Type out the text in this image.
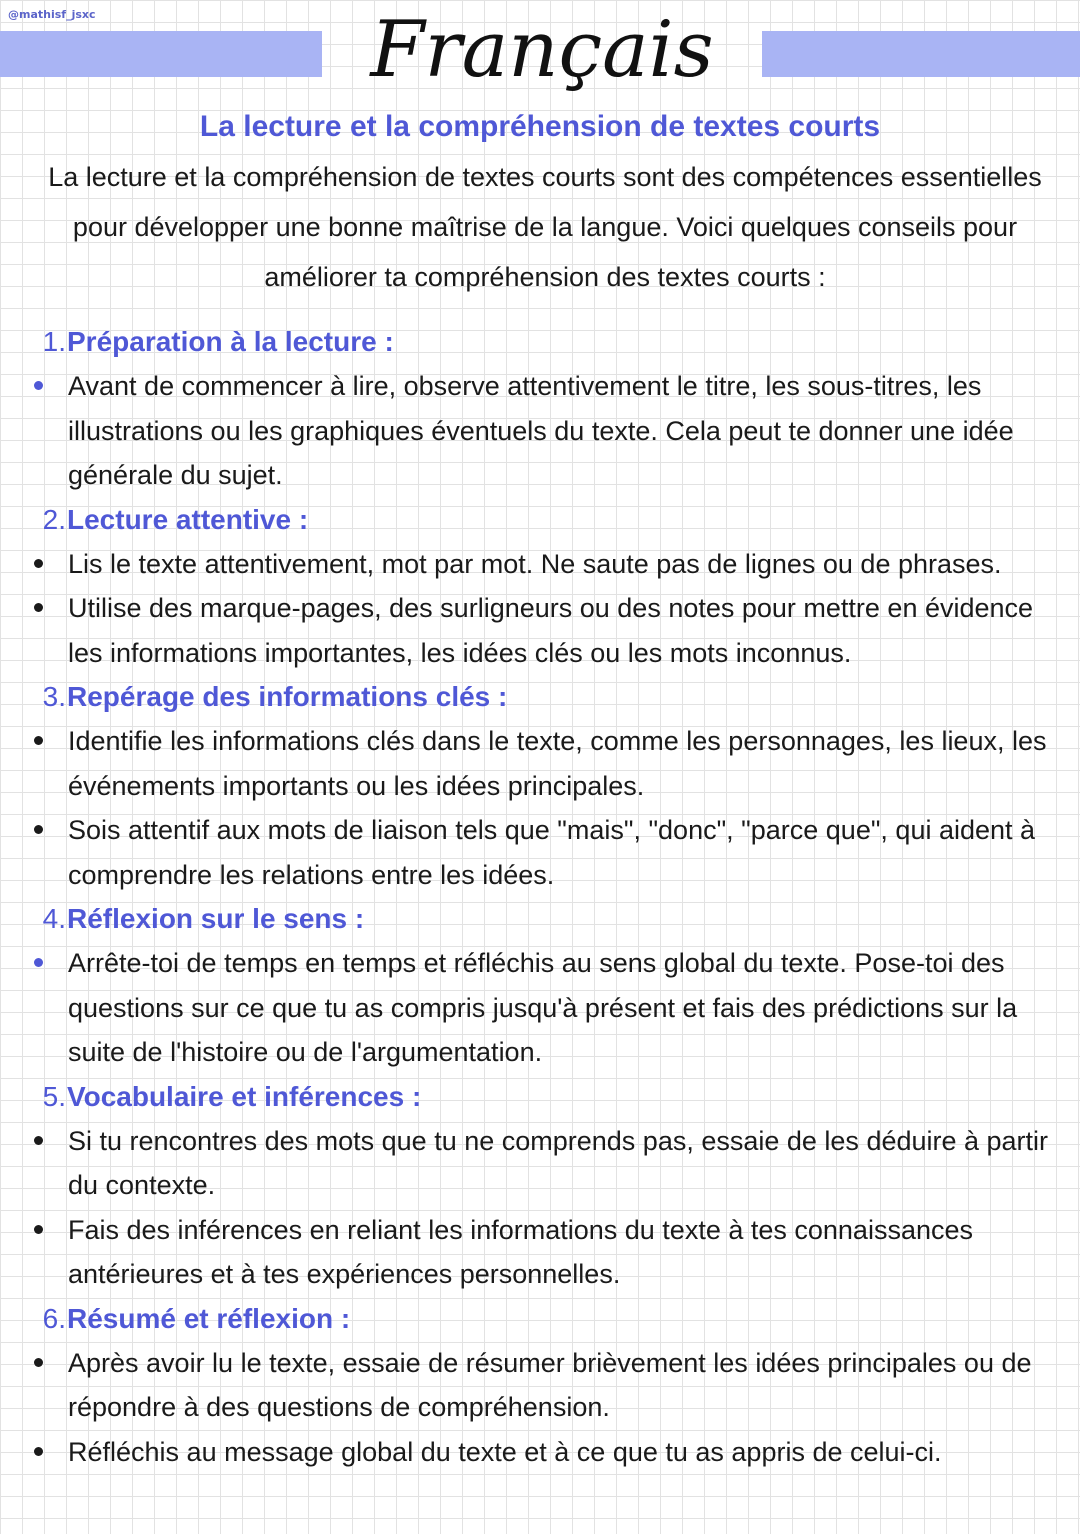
@mathisf_jsxc	Français
La lecture et la compréhension de textes courts

La lecture et la compréhension de textes courts sont des compétences essentielles pour développer une bonne maîtrise de la langue. Voici quelques conseils pour améliorer ta compréhension des textes courts :

1. Préparation à la lecture :
Avant de commencer à lire, observe attentivement le titre, les sous-titres, les illustrations ou les graphiques éventuels du texte. Cela peut te donner une idée générale du sujet.
2. Lecture attentive :
Lis le texte attentivement, mot par mot. Ne saute pas de lignes ou de phrases.
Utilise des marque-pages, des surligneurs ou des notes pour mettre en évidence les informations importantes, les idées clés ou les mots inconnus.
3. Repérage des informations clés :
Identifie les informations clés dans le texte, comme les personnages, les lieux, les événements importants ou les idées principales.
Sois attentif aux mots de liaison tels que "mais", "donc", "parce que", qui aident à comprendre les relations entre les idées.
4. Réflexion sur le sens :
Arrête-toi de temps en temps et réfléchis au sens global du texte. Pose-toi des questions sur ce que tu as compris jusqu'à présent et fais des prédictions sur la suite de l'histoire ou de l'argumentation.
5. Vocabulaire et inférences :
Si tu rencontres des mots que tu ne comprends pas, essaie de les déduire à partir du contexte.
Fais des inférences en reliant les informations du texte à tes connaissances antérieures et à tes expériences personnelles.
6. Résumé et réflexion :
Après avoir lu le texte, essaie de résumer brièvement les idées principales ou de répondre à des questions de compréhension.
Réfléchis au message global du texte et à ce que tu as appris de celui-ci.
